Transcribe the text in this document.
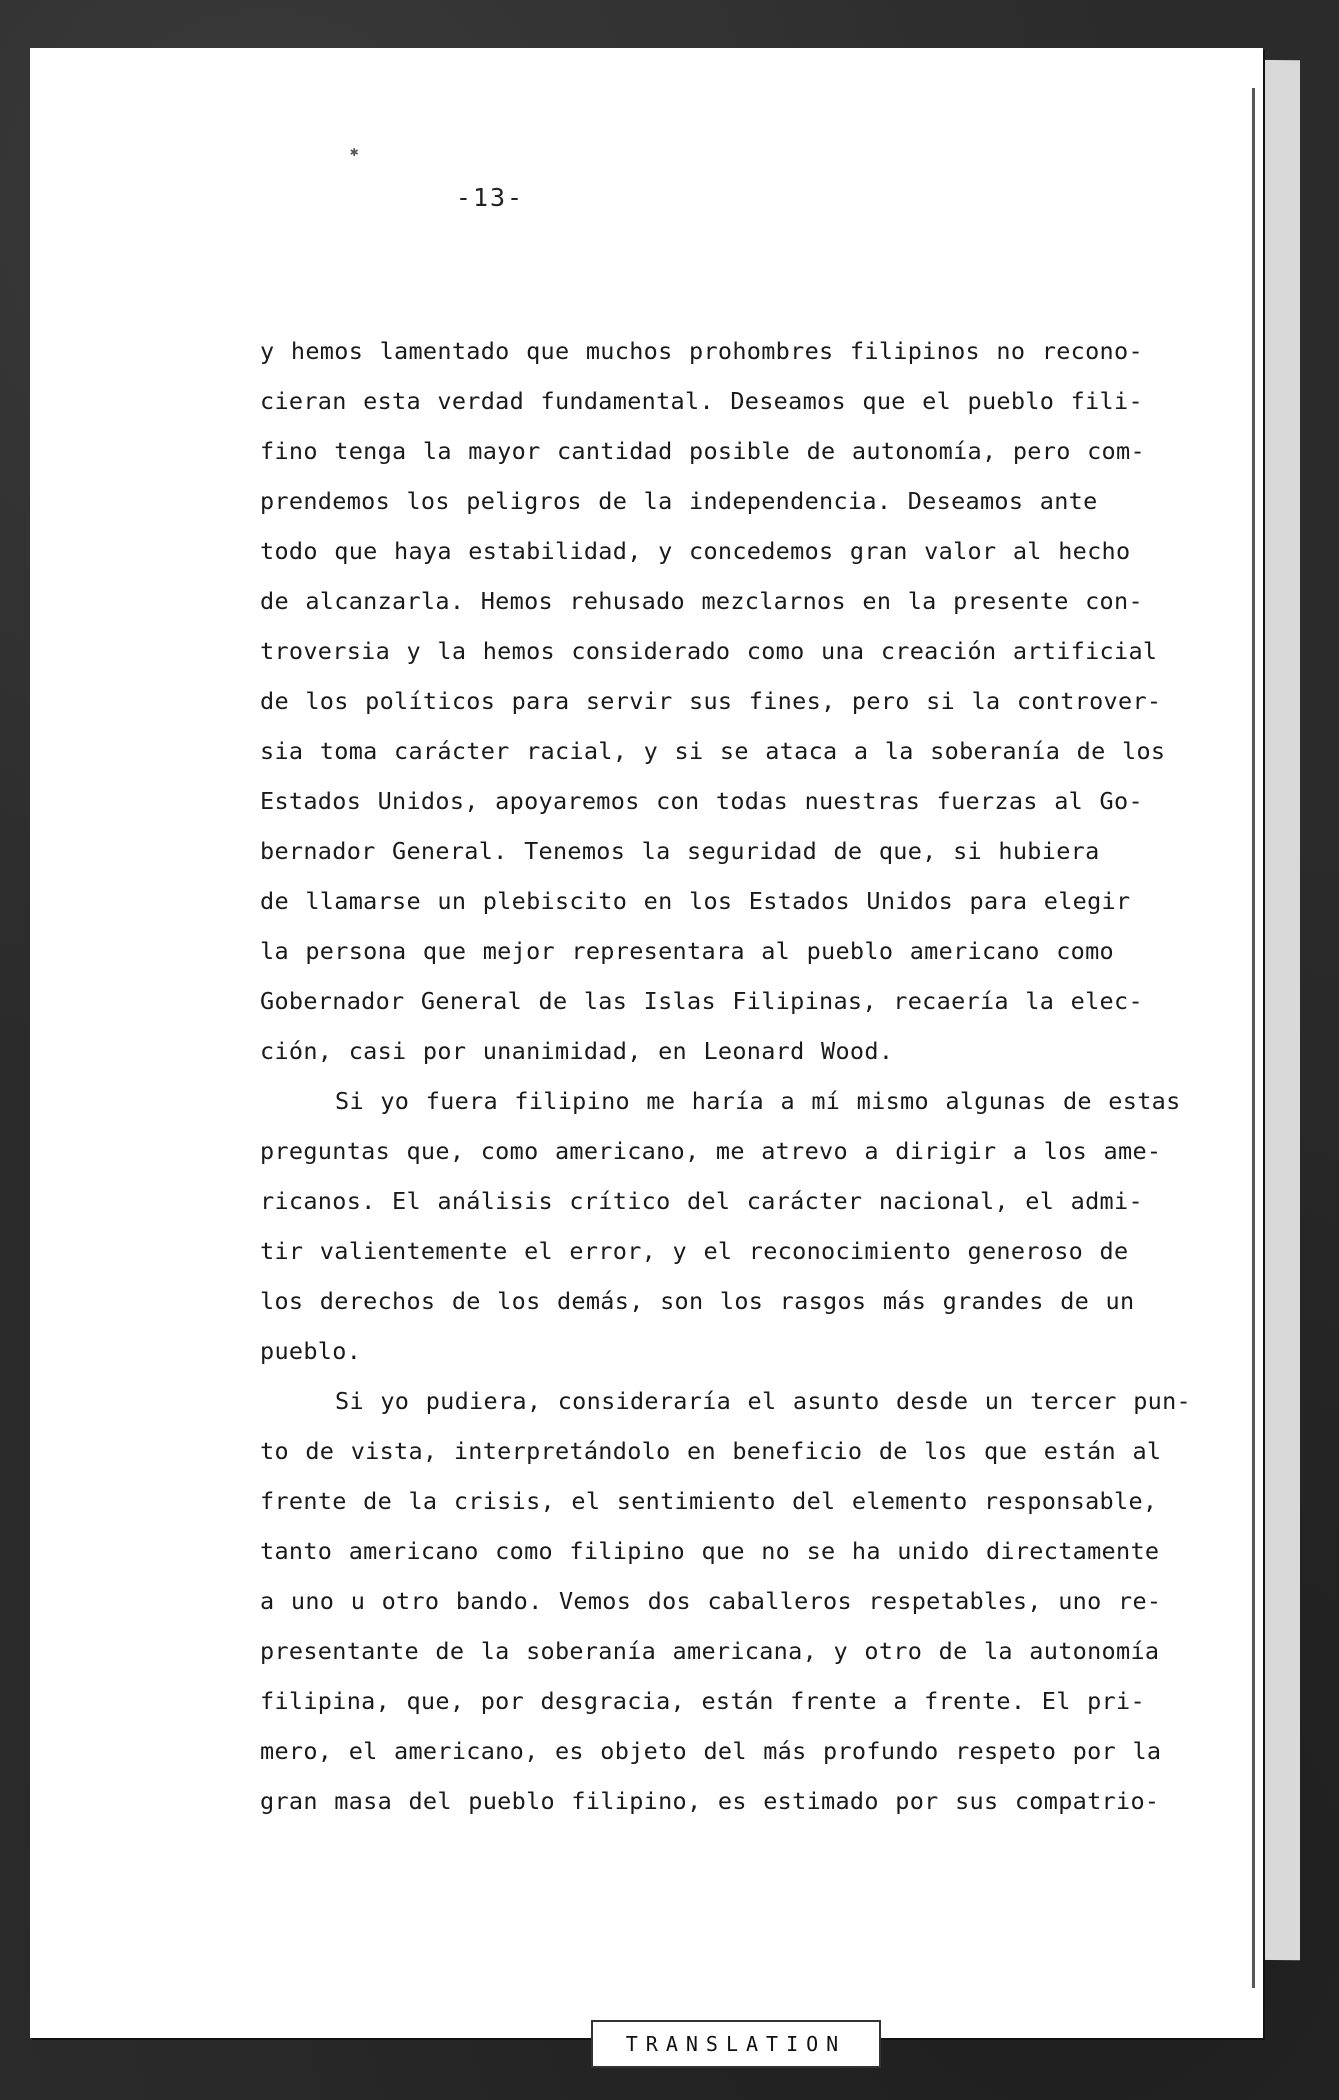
✱
-13-

y hemos lamentado que muchos prohombres filipinos no recono-
cieran esta verdad fundamental. Deseamos que el pueblo fili-
fino tenga la mayor cantidad posible de autonomía, pero com-
prendemos los peligros de la independencia. Deseamos ante
todo que haya estabilidad, y concedemos gran valor al hecho
de alcanzarla. Hemos rehusado mezclarnos en la presente con-
troversia y la hemos considerado como una creación artificial
de los políticos para servir sus fines, pero si la controver-
sia toma carácter racial, y si se ataca a la soberanía de los
Estados Unidos, apoyaremos con todas nuestras fuerzas al Go-
bernador General. Tenemos la seguridad de que, si hubiera
de llamarse un plebiscito en los Estados Unidos para elegir
la persona que mejor representara al pueblo americano como
Gobernador General de las Islas Filipinas, recaería la elec-
ción, casi por unanimidad, en Leonard Wood.

Si yo fuera filipino me haría a mí mismo algunas de estas
preguntas que, como americano, me atrevo a dirigir a los ame-
ricanos. El análisis crítico del carácter nacional, el admi-
tir valientemente el error, y el reconocimiento generoso de
los derechos de los demás, son los rasgos más grandes de un
pueblo.

Si yo pudiera, consideraría el asunto desde un tercer pun-
to de vista, interpretándolo en beneficio de los que están al
frente de la crisis, el sentimiento del elemento responsable,
tanto americano como filipino que no se ha unido directamente
a uno u otro bando. Vemos dos caballeros respetables, uno re-
presentante de la soberanía americana, y otro de la autonomía
filipina, que, por desgracia, están frente a frente. El pri-
mero, el americano, es objeto del más profundo respeto por la
gran masa del pueblo filipino, es estimado por sus compatrio-

TRANSLATION
